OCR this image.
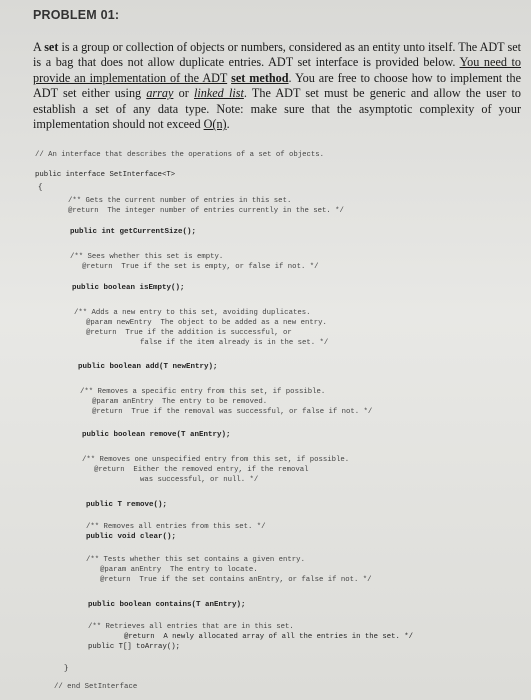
PROBLEM 01:
A set is a group or collection of objects or numbers, considered as an entity unto itself. The ADT set is a bag that does not allow duplicate entries. ADT set interface is provided below. You need to provide an implementation of the ADT set method. You are free to choose how to implement the ADT set either using array or linked list. The ADT set must be generic and allow the user to establish a set of any data type. Note: make sure that the asymptotic complexity of your implementation should not exceed O(n).
// An interface that describes the operations of a set of objects.
public interface SetInterface<T>
{
/** Gets the current number of entries in this set.
@return  The integer number of entries currently in the set. */
public int getCurrentSize();
/** Sees whether this set is empty.
@return  True if the set is empty, or false if not. */
public boolean isEmpty();
/** Adds a new entry to this set, avoiding duplicates.
@param newEntry  The object to be added as a new entry.
@return  True if the addition is successful, or
false if the item already is in the set. */
public boolean add(T newEntry);
/** Removes a specific entry from this set, if possible.
@param anEntry  The entry to be removed.
@return  True if the removal was successful, or false if not. */
public boolean remove(T anEntry);
/** Removes one unspecified entry from this set, if possible.
@return  Either the removed entry, if the removal
was successful, or null. */
public T remove();
/** Removes all entries from this set. */
public void clear();
/** Tests whether this set contains a given entry.
@param anEntry  The entry to locate.
@return  True if the set contains anEntry, or false if not. */
public boolean contains(T anEntry);
/** Retrieves all entries that are in this set.
@return  A newly allocated array of all the entries in the set. */
public T[] toArray();
}
// end SetInterface
